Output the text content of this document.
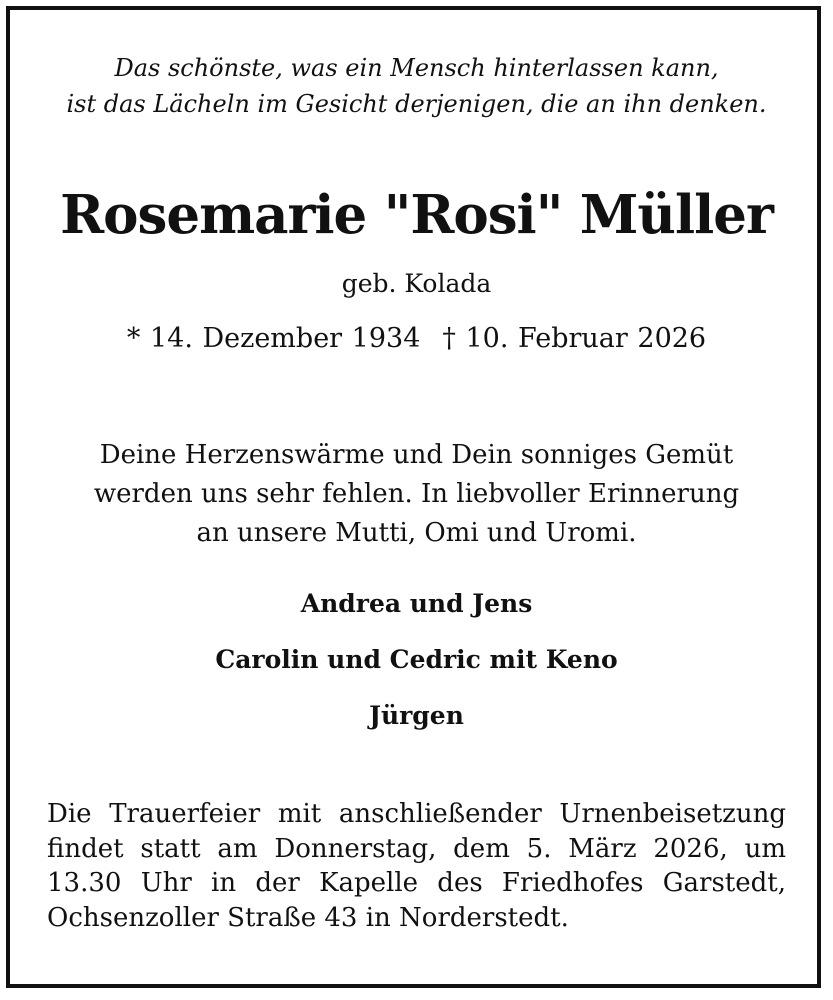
Das schönste, was ein Mensch hinterlassen kann,

ist das Lächeln im Gesicht derjenigen, die an ihn denken.

Rosemarie "Rosi" Müller

geb. Kolada

* 14. Dezember 1934 † 10. Februar 2026

Deine Herzenswärme und Dein sonniges Gemüt

werden uns sehr fehlen. In liebvoller Erinnerung

an unsere Mutti, Omi und Uromi.

Andrea und Jens

Carolin und Cedric mit Keno

Jürgen

Die Trauerfeier mit anschließender Urnenbeisetzung
findet statt am Donnerstag, dem 5. März 2026, um
13.30 Uhr in der Kapelle des Friedhofes Garstedt,
Ochsenzoller Straße 43 in Norderstedt.
